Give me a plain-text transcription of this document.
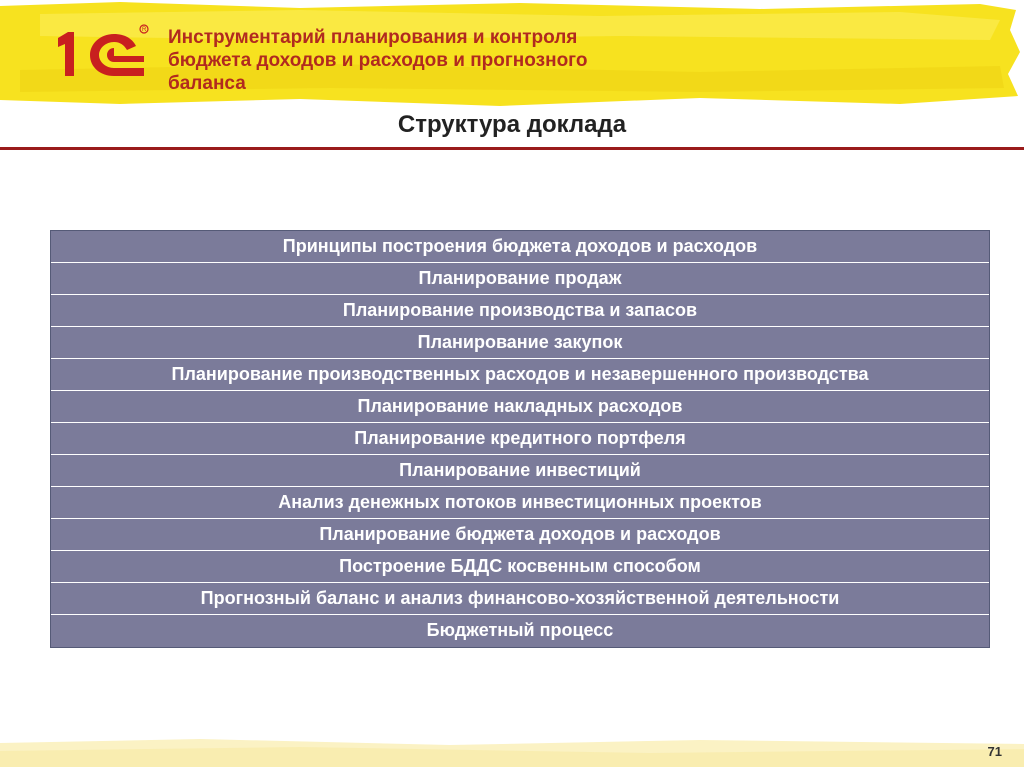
R Инструментарий планирования и контроля
бюджета доходов и расходов и прогнозного
баланса
Структура доклада
Принципы построения бюджета доходов и расходов
Планирование продаж
Планирование производства и запасов
Планирование закупок
Планирование производственных расходов и незавершенного производства
Планирование накладных расходов
Планирование кредитного портфеля
Планирование инвестиций
Анализ денежных потоков инвестиционных проектов
Планирование бюджета доходов и расходов
Построение БДДС косвенным способом
Прогнозный баланс и анализ финансово-хозяйственной деятельности
Бюджетный процесс
71
